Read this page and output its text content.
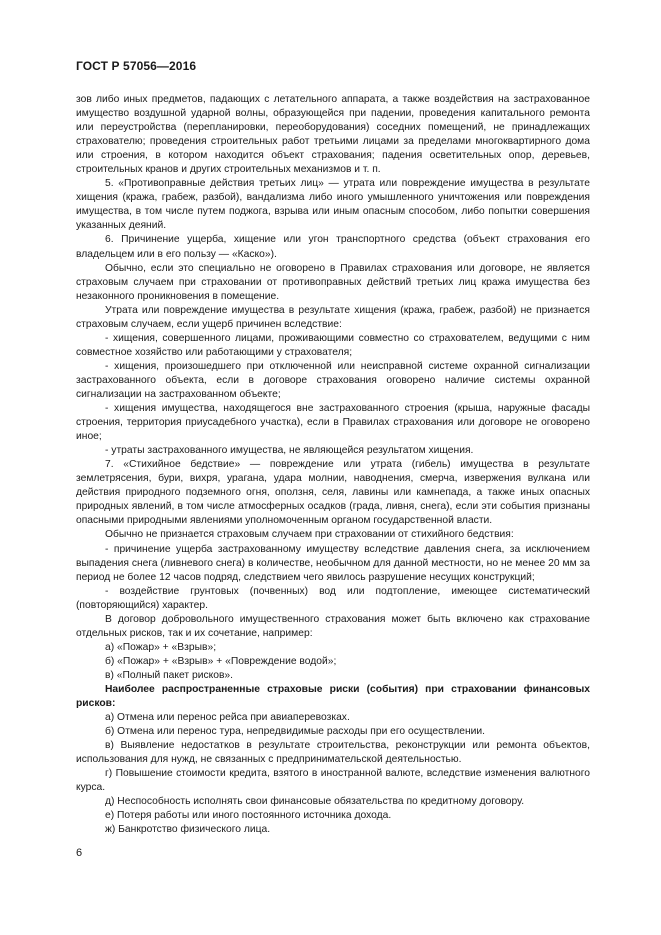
ГОСТ Р 57056—2016

зов либо иных предметов, падающих с летательного аппарата, а также воздействия на застрахованное имущество воздушной ударной волны, образующейся при падении, проведения капитального ремонта или переустройства (перепланировки, переоборудования) соседних помещений, не принадлежащих страхователю; проведения строительных работ третьими лицами за пределами многоквартирного дома или строения, в котором находится объект страхования; падения осветительных опор, деревьев, строительных кранов и других строительных механизмов и т. п.

5. «Противоправные действия третьих лиц» — утрата или повреждение имущества в результате хищения (кража, грабеж, разбой), вандализма либо иного умышленного уничтожения или повреждения имущества, в том числе путем поджога, взрыва или иным опасным способом, либо попытки совершения указанных деяний.

6. Причинение ущерба, хищение или угон транспортного средства (объект страхования его владельцем или в его пользу — «Каско»).

Обычно, если это специально не оговорено в Правилах страхования или договоре, не является страховым случаем при страховании от противоправных действий третьих лиц кража имущества без незаконного проникновения в помещение.

Утрата или повреждение имущества в результате хищения (кража, грабеж, разбой) не признается страховым случаем, если ущерб причинен вследствие:

- хищения, совершенного лицами, проживающими совместно со страхователем, ведущими с ним совместное хозяйство или работающими у страхователя;

- хищения, произошедшего при отключенной или неисправной системе охранной сигнализации застрахованного объекта, если в договоре страхования оговорено наличие системы охранной сигнализации на застрахованном объекте;

- хищения имущества, находящегося вне застрахованного строения (крыша, наружные фасады строения, территория приусадебного участка), если в Правилах страхования или договоре не оговорено иное;

- утраты застрахованного имущества, не являющейся результатом хищения.

7. «Стихийное бедствие» — повреждение или утрата (гибель) имущества в результате землетрясения, бури, вихря, урагана, удара молнии, наводнения, смерча, извержения вулкана или действия природного подземного огня, оползня, селя, лавины или камнепада, а также иных опасных природных явлений, в том числе атмосферных осадков (града, ливня, снега), если эти события признаны опасными природными явлениями уполномоченным органом государственной власти.

Обычно не признается страховым случаем при страховании от стихийного бедствия:

- причинение ущерба застрахованному имуществу вследствие давления снега, за исключением выпадения снега (ливневого снега) в количестве, необычном для данной местности, но не менее 20 мм за период не более 12 часов подряд, следствием чего явилось разрушение несущих конструкций;

- воздействие грунтовых (почвенных) вод или подтопление, имеющее систематический (повторяющийся) характер.

В договор добровольного имущественного страхования может быть включено как страхование отдельных рисков, так и их сочетание, например:

а) «Пожар» + «Взрыв»;

б) «Пожар» + «Взрыв» + «Повреждение водой»;

в) «Полный пакет рисков».

Наиболее распространенные страховые риски (события) при страховании финансовых рисков:

а) Отмена или перенос рейса при авиаперевозках.

б) Отмена или перенос тура, непредвидимые расходы при его осуществлении.

в) Выявление недостатков в результате строительства, реконструкции или ремонта объектов, использования для нужд, не связанных с предпринимательской деятельностью.

г) Повышение стоимости кредита, взятого в иностранной валюте, вследствие изменения валютного курса.

д) Неспособность исполнять свои финансовые обязательства по кредитному договору.

е) Потеря работы или иного постоянного источника дохода.

ж) Банкротство физического лица.

6
